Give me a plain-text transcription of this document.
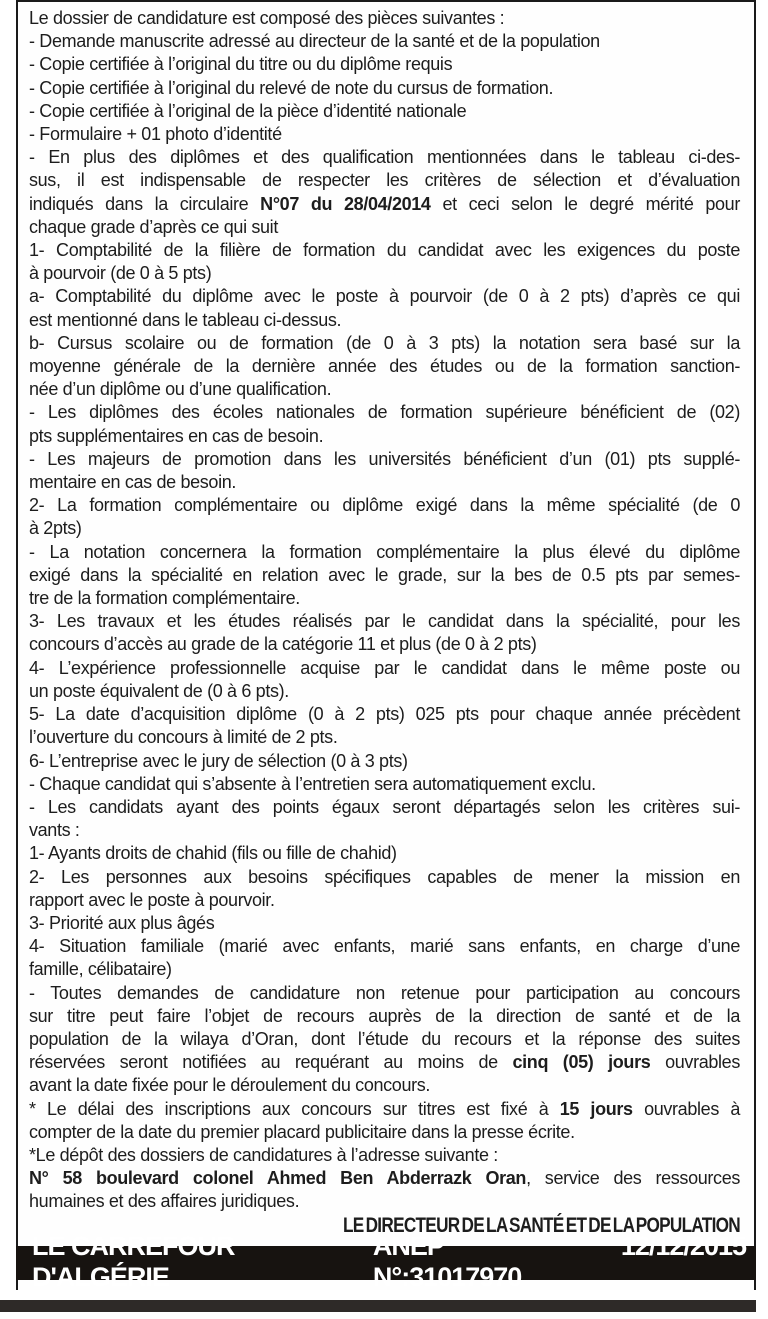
Le dossier de candidature est composé des pièces suivantes :
- Demande manuscrite adressé au directeur de la santé et de la population
- Copie certifiée à l’original du titre ou du diplôme requis
- Copie certifiée à l’original du relevé de note du cursus de formation.
- Copie certifiée à l’original de la pièce d’identité nationale
- Formulaire + 01 photo d’identité
- En plus des diplômes et des qualification mentionnées dans le tableau ci-des-
sus, il est indispensable de respecter les critères de sélection et d’évaluation
indiqués dans la circulaire N°07 du 28/04/2014 et ceci selon le degré mérité pour
chaque grade d’après ce qui suit
1- Comptabilité de la filière de formation du candidat avec les exigences du poste
à pourvoir (de 0 à 5 pts)
a- Comptabilité du diplôme avec le poste à pourvoir (de 0 à 2 pts) d’après ce qui
est mentionné dans le tableau ci-dessus.
b- Cursus scolaire ou de formation (de 0 à 3 pts) la notation sera basé sur la
moyenne générale de la dernière année des études ou de la formation sanction-
née d’un diplôme ou d’une qualification.
- Les diplômes des écoles nationales de formation supérieure bénéficient de (02)
pts supplémentaires en cas de besoin.
- Les majeurs de promotion dans les universités bénéficient d’un (01) pts supplé-
mentaire en cas de besoin.
2- La formation complémentaire ou diplôme exigé dans la même spécialité (de 0
à 2pts)
- La notation concernera la formation complémentaire la plus élevé du diplôme
exigé dans la spécialité en relation avec le grade, sur la bes de 0.5 pts par semes-
tre de la formation complémentaire.
3- Les travaux et les études réalisés par le candidat dans la spécialité, pour les
concours d’accès au grade de la catégorie 11 et plus (de 0 à 2 pts)
4- L’expérience professionnelle acquise par le candidat dans le même poste ou
un poste équivalent de (0 à 6 pts).
5- La date d’acquisition diplôme (0 à 2 pts) 025 pts pour chaque année précèdent
l’ouverture du concours à limité de 2 pts.
6- L’entreprise avec le jury de sélection (0 à 3 pts)
- Chaque candidat qui s’absente à l’entretien sera automatiquement exclu.
- Les candidats ayant des points égaux seront départagés selon les critères sui-
vants :
1- Ayants droits de chahid (fils ou fille de chahid)
2- Les personnes aux besoins spécifiques capables de mener la mission en
rapport avec le poste à pourvoir.
3- Priorité aux plus âgés
4- Situation familiale (marié avec enfants, marié sans enfants, en charge d’une
famille, célibataire)
- Toutes demandes de candidature non retenue pour participation au concours
sur titre peut faire l’objet de recours auprès de la direction de santé et de la
population de la wilaya d’Oran, dont l’étude du recours et la réponse des suites
réservées seront notifiées au requérant au moins de cinq (05) jours ouvrables
avant la date fixée pour le déroulement du concours.
* Le délai des inscriptions aux concours sur titres est fixé à 15 jours ouvrables à
compter de la date du premier placard publicitaire dans la presse écrite.
*Le dépôt des dossiers de candidatures à l’adresse suivante :
N° 58 boulevard colonel Ahmed Ben Abderrazk Oran, service des ressources
humaines et des affaires juridiques.
LE DIRECTEUR DE LA SANTÉ ET DE LA POPULATION
LE CARREFOUR D'ALGÉRIE
ANEP N°:31017970
12/12/2015
